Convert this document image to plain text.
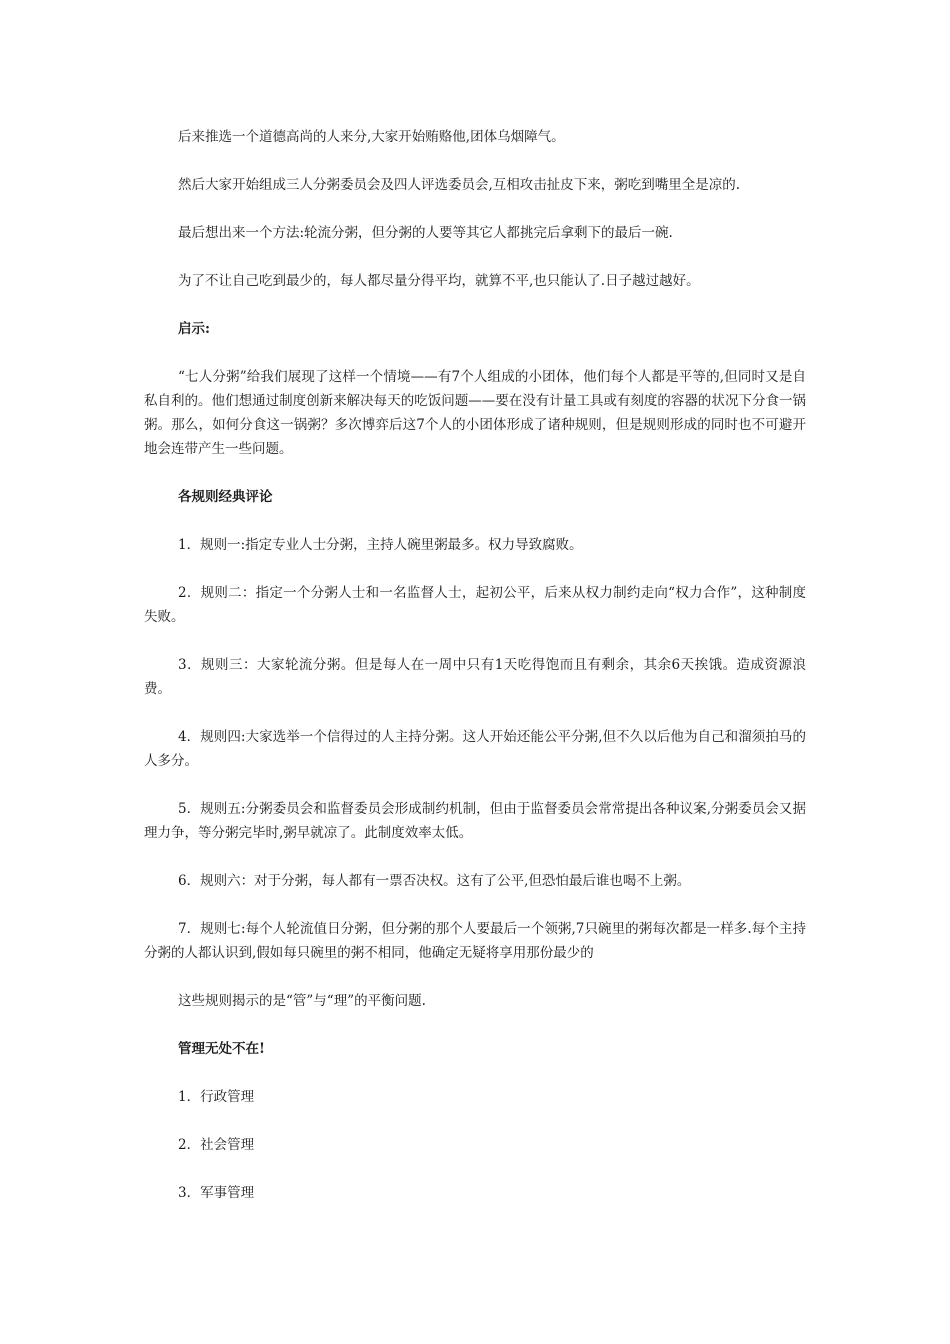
后来推选一个道德高尚的人来分,大家开始贿赂他,团体乌烟障气。

然后大家开始组成三人分粥委员会及四人评选委员会,互相攻击扯皮下来，粥吃到嘴里全是凉的.

最后想出来一个方法:轮流分粥，但分粥的人要等其它人都挑完后拿剩下的最后一碗.

为了不让自己吃到最少的，每人都尽量分得平均，就算不平,也只能认了.日子越过越好。

启示:

“七人分粥”给我们展现了这样一个情境——有7个人组成的小团体，他们每个人都是平等的,但同时又是自私自利的。他们想通过制度创新来解决每天的吃饭问题——要在没有计量工具或有刻度的容器的状况下分食一锅粥。那么，如何分食这一锅粥？多次博弈后这7个人的小团体形成了诸种规则，但是规则形成的同时也不可避开地会连带产生一些问题。

各规则经典评论

1．规则一:指定专业人士分粥，主持人碗里粥最多。权力导致腐败。

2．规则二：指定一个分粥人士和一名监督人士，起初公平，后来从权力制约走向“权力合作”，这种制度失败。

3．规则三：大家轮流分粥。但是每人在一周中只有1天吃得饱而且有剩余，其余6天挨饿。造成资源浪费。

4．规则四:大家选举一个信得过的人主持分粥。这人开始还能公平分粥,但不久以后他为自己和溜须拍马的人多分。

5．规则五:分粥委员会和监督委员会形成制约机制，但由于监督委员会常常提出各种议案,分粥委员会又据理力争，等分粥完毕时,粥早就凉了。此制度效率太低。

6．规则六：对于分粥，每人都有一票否决权。这有了公平,但恐怕最后谁也喝不上粥。

7．规则七:每个人轮流值日分粥，但分粥的那个人要最后一个领粥,7只碗里的粥每次都是一样多.每个主持分粥的人都认识到,假如每只碗里的粥不相同，他确定无疑将享用那份最少的

这些规则揭示的是“管”与“理”的平衡问题.

管理无处不在!

1．行政管理

2．社会管理

3．军事管理
